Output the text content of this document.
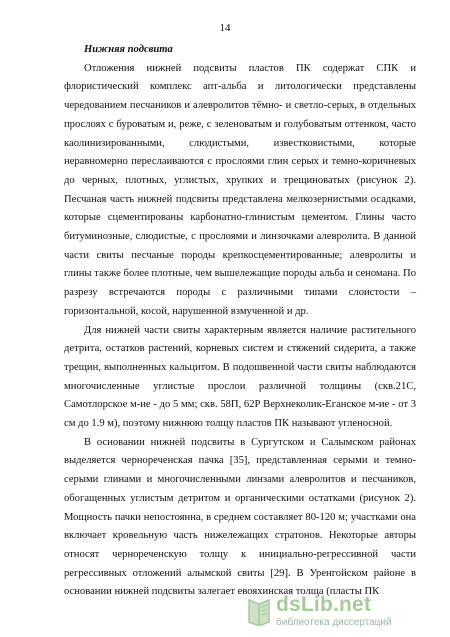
14

Нижняя подсвита

Отложения нижней подсвиты пластов ПК содержат СПК и флористический комплекс апт-альба и литологически представлены чередованием песчаников и алевролитов тёмно- и светло-серых, в отдельных прослоях с буроватым и, реже, с зеленоватым и голубоватым оттенком, часто каолинизированными, слюдистыми, известковистыми, которые неравномерно переслаиваются с прослоями глин серых и темно-коричневых до черных, плотных, углистых, хрупких и трещиноватых (рисунок 2). Песчаная часть нижней подсвиты представлена мелкозернистыми осадками, которые сцементированы карбонатно-глинистым цементом. Глины часто битуминозные, слюдистые, с прослоями и линзочками алевролита. В данной части свиты песчаные породы крепкосцементированные; алевролиты и глины также более плотные, чем вышележащие породы альба и сеномана. По разрезу встречаются породы с различными типами слоистости – горизонтальной, косой, нарушенной взмученной и др.

Для нижней части свиты характерным является наличие растительного детрита, остатков растений, корневых систем и стяжений сидерита, а также трещин, выполненных кальцитом. В подошвенной части свиты наблюдаются многочисленные углистые прослои различной толщины (скв.21С, Самотлорское м-ие - до 5 мм; скв. 58П, 62Р Верхнеколик-Еганское м-ие - от 3 см до 1.9 м), поэтому нижнюю толщу пластов ПК называют угленосной.

В основании нижней подсвиты в Сургутском и Салымском районах выделяется чернореченская пачка [35], представленная серыми и темно-серыми глинами и многочисленными линзами алевролитов и песчаников, обогащенных углистым детритом и органическими остатками (рисунок 2). Мощность пачки непостоянна, в среднем составляет 80-120 м; участками она включает кровельную часть нижележащих стратонов. Некоторые авторы относят чернореченскую толщу к инициально-регрессивной части регрессивных отложений алымской свиты [29]. В Уренгойском районе в основании нижней подсвиты залегает евояхинская толща (пласты ПК

dsLib.net
библиотека диссертаций
